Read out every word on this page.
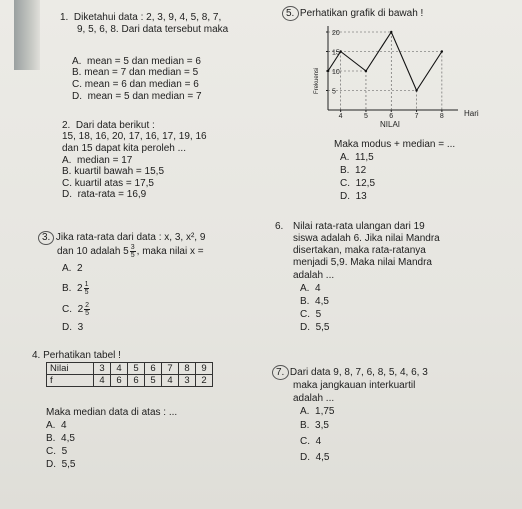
1. Diketahui data : 2, 3, 9, 4, 5, 8, 7,
9, 5, 6, 8. Dari data tersebut maka
A. mean = 5 dan median = 6
B. mean = 7 dan median = 5
C. mean = 6 dan median = 6
D. mean = 5 dan median = 7
2. Dari data berikut :
15, 18, 16, 20, 17, 16, 17, 19, 16
dan 15 dapat kita peroleh ...
A. median = 17
B. kuartil bawah = 15,5
C. kuartil atas = 17,5
D. rata-rata = 16,9
3. Jika rata-rata dari data : x, 3, x², 9
dan 10 adalah $5 \frac{3}{5}$ , maka nilai x =
A. 2
B. $2 \frac{1}{5}$
C. $2 \frac{2}{5}$
D. 3
4. Perhatikan tabel !
Nilai	3	4	5	6	7	8	9
f	4	6	6	5	4	3	2
Maka median data di atas : ...
A. 4
B. 4,5
C. 5
D. 5,5
5. Perhatikan grafik di bawah !
5
10
15
20
4	5	6	7	8
Frekuensi
NILAI
Hari
Maka modus + median = ...
A. 11,5
B. 12
C. 12,5
D. 13
6. Nilai rata-rata ulangan dari 19
siswa adalah 6. Jika nilai Mandra
disertakan, maka rata-ratanya
menjadi 5,9. Maka nilai Mandra
adalah ...
A. 4
B. 4,5
C. 5
D. 5,5
7. Dari data 9, 8, 7, 6, 8, 5, 4, 6, 3
maka jangkauan interkuartil
adalah ...
A. 1,75
B. 3,5
C. 4
D. 4,5
